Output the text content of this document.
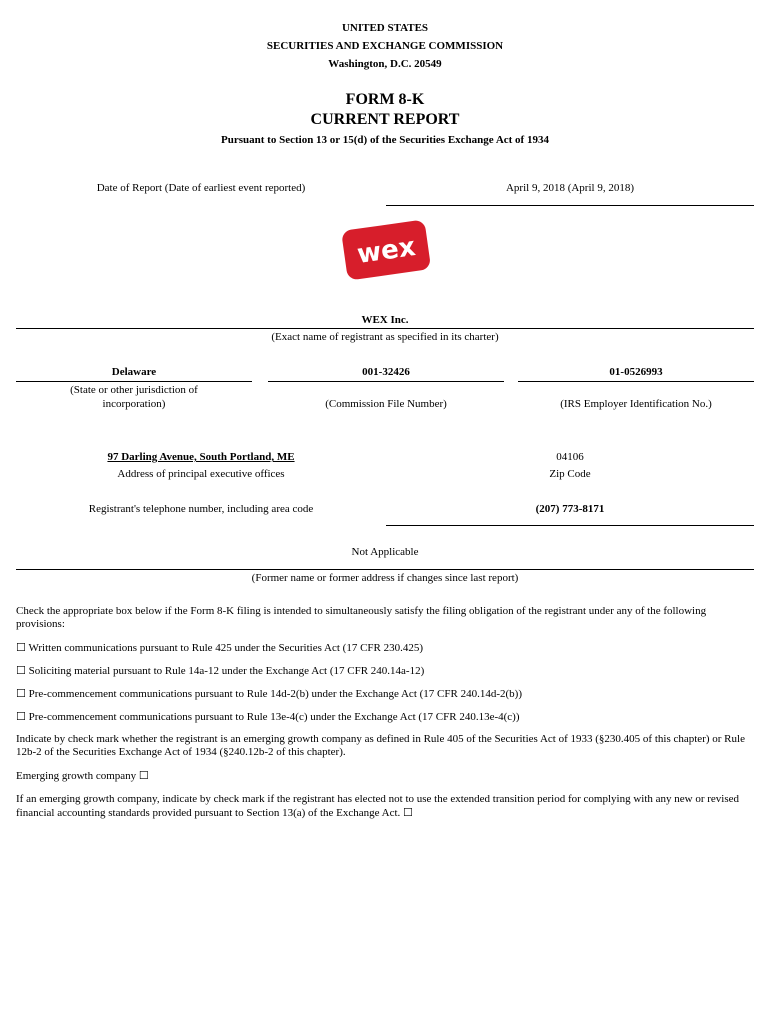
UNITED STATES
SECURITIES AND EXCHANGE COMMISSION
Washington, D.C. 20549
FORM 8-K
CURRENT REPORT
Pursuant to Section 13 or 15(d) of the Securities Exchange Act of 1934
Date of Report (Date of earliest event reported)	April 9, 2018 (April 9, 2018)
wex
WEX Inc.
(Exact name of registrant as specified in its charter)
Delaware
(State or other jurisdiction of
incorporation)
001-32426
(Commission File Number)
01-0526993
(IRS Employer Identification No.)
97 Darling Avenue, South Portland, ME
Address of principal executive offices
04106
Zip Code
Registrant's telephone number, including area code	(207) 773-8171
Not Applicable
(Former name or former address if changes since last report)
Check the appropriate box below if the Form 8-K filing is intended to simultaneously satisfy the filing obligation of the registrant under any of the following provisions:
☐ Written communications pursuant to Rule 425 under the Securities Act (17 CFR 230.425)
☐ Soliciting material pursuant to Rule 14a-12 under the Exchange Act (17 CFR 240.14a-12)
☐ Pre-commencement communications pursuant to Rule 14d-2(b) under the Exchange Act (17 CFR 240.14d-2(b))
☐ Pre-commencement communications pursuant to Rule 13e-4(c) under the Exchange Act (17 CFR 240.13e-4(c))
Indicate by check mark whether the registrant is an emerging growth company as defined in Rule 405 of the Securities Act of 1933 (§230.405 of this chapter) or Rule 12b-2 of the Securities Exchange Act of 1934 (§240.12b-2 of this chapter).
Emerging growth company ☐
If an emerging growth company, indicate by check mark if the registrant has elected not to use the extended transition period for complying with any new or revised financial accounting standards provided pursuant to Section 13(a) of the Exchange Act. ☐
